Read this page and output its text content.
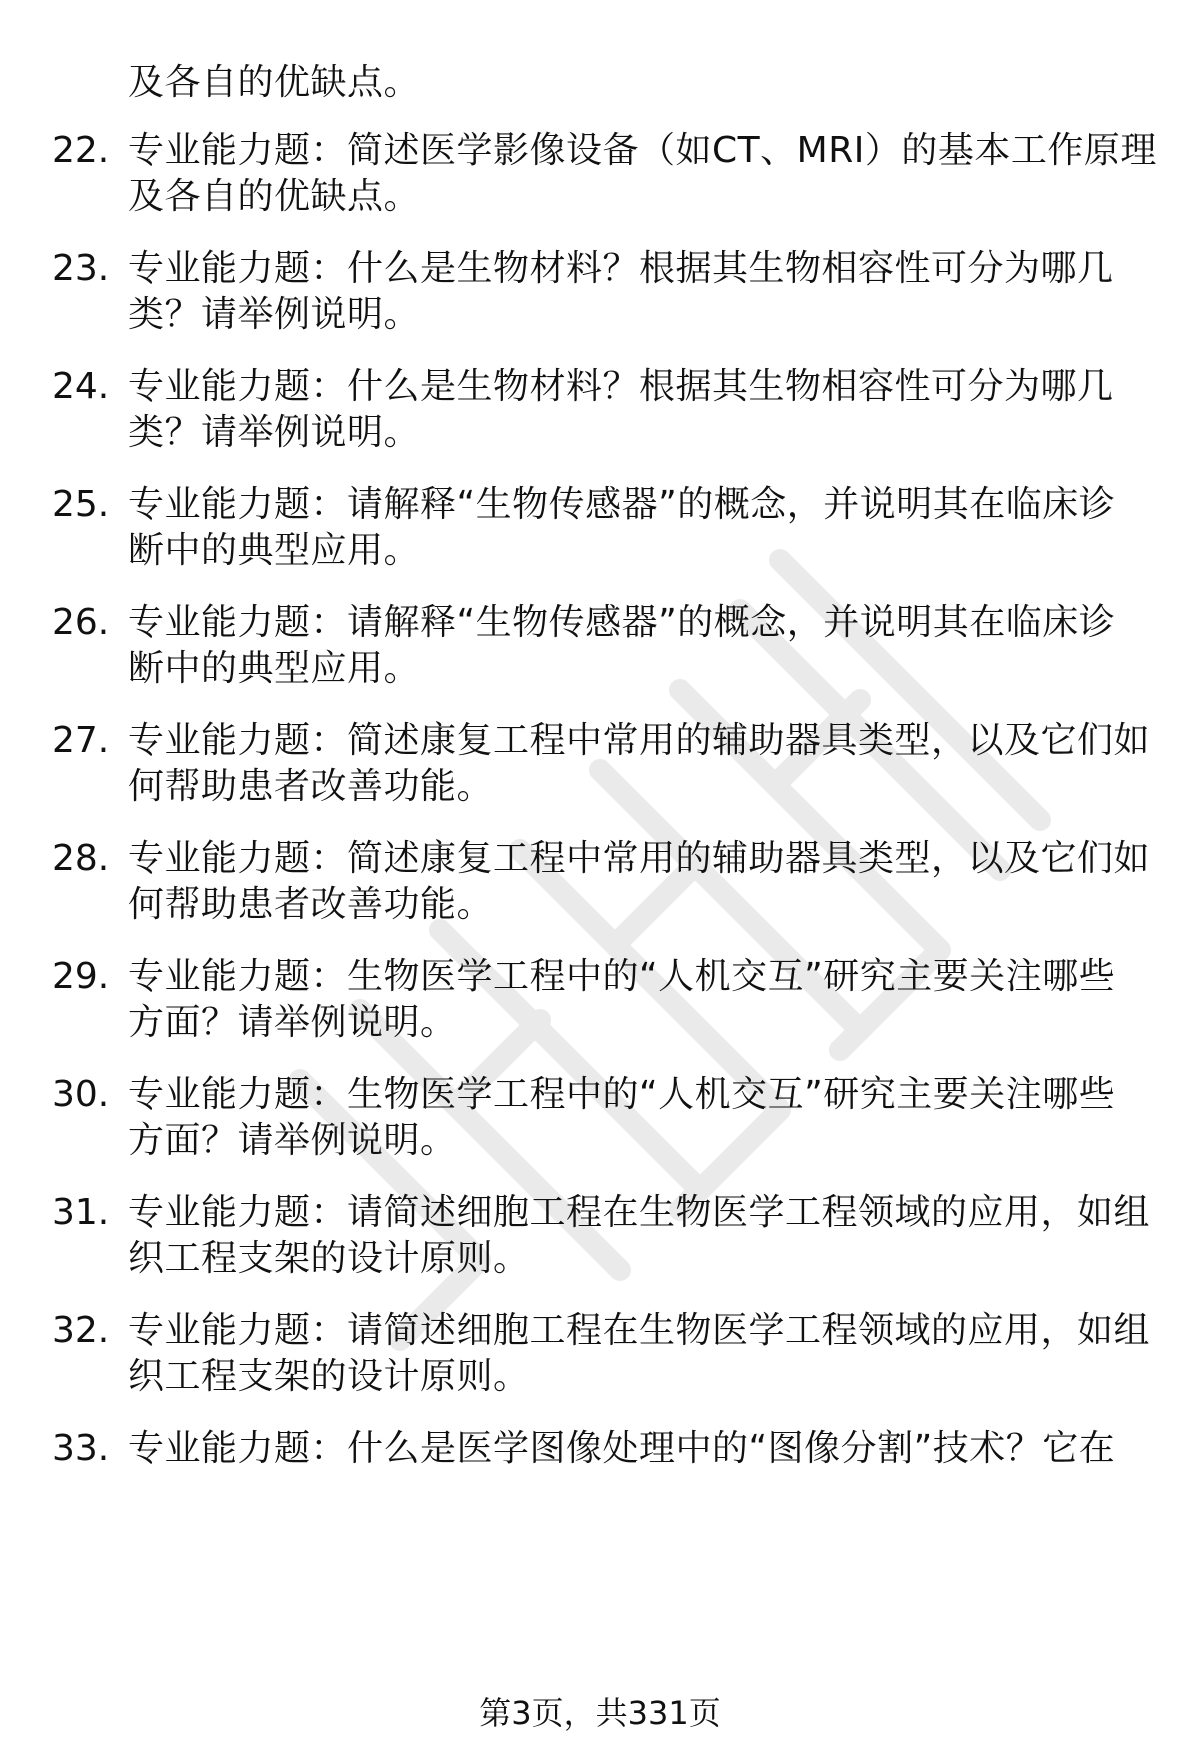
及各自的优缺点。
22. 专业能力题：简述医学影像设备（如CT、MRI）的基本工作原理
及各自的优缺点。
23. 专业能力题：什么是生物材料？根据其生物相容性可分为哪几
类？请举例说明。
24. 专业能力题：什么是生物材料？根据其生物相容性可分为哪几
类？请举例说明。
25. 专业能力题：请解释“生物传感器”的概念，并说明其在临床诊
断中的典型应用。
26. 专业能力题：请解释“生物传感器”的概念，并说明其在临床诊
断中的典型应用。
27. 专业能力题：简述康复工程中常用的辅助器具类型，以及它们如
何帮助患者改善功能。
28. 专业能力题：简述康复工程中常用的辅助器具类型，以及它们如
何帮助患者改善功能。
29. 专业能力题：生物医学工程中的“人机交互”研究主要关注哪些
方面？请举例说明。
30. 专业能力题：生物医学工程中的“人机交互”研究主要关注哪些
方面？请举例说明。
31. 专业能力题：请简述细胞工程在生物医学工程领域的应用，如组
织工程支架的设计原则。
32. 专业能力题：请简述细胞工程在生物医学工程领域的应用，如组
织工程支架的设计原则。
33. 专业能力题：什么是医学图像处理中的“图像分割”技术？它在
第3页，共331页
